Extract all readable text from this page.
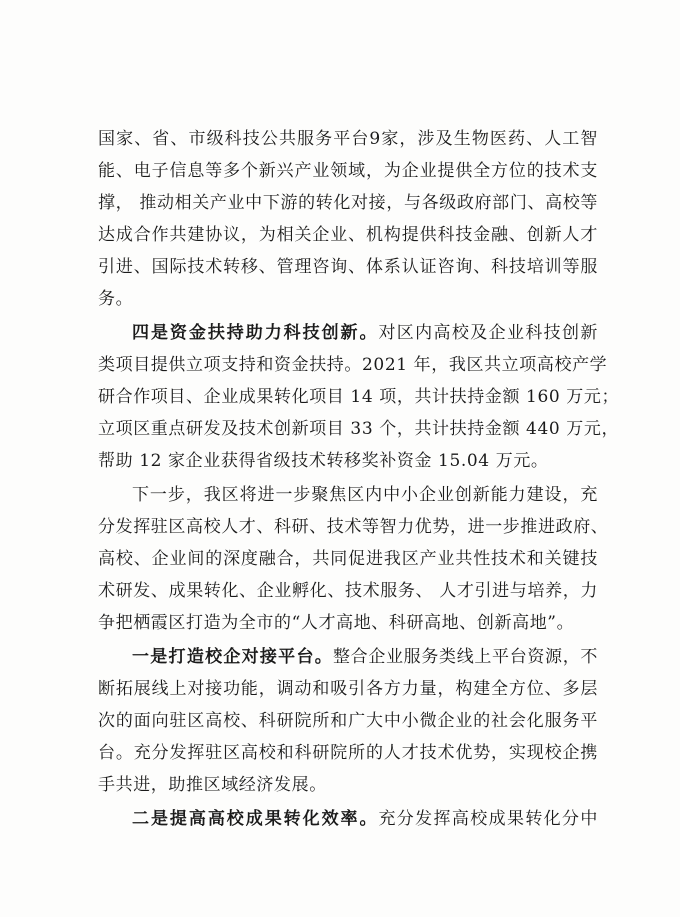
国家、省、市级科技公共服务平台9家，涉及生物医药、人工智
能、电子信息等多个新兴产业领域，为企业提供全方位的技术支
撑， 推动相关产业中下游的转化对接，与各级政府部门、高校等
达成合作共建协议，为相关企业、机构提供科技金融、创新人才
引进、国际技术转移、管理咨询、体系认证咨询、科技培训等服
务。
四是资金扶持助力科技创新。对区内高校及企业科技创新
类项目提供立项支持和资金扶持。2021 年，我区共立项高校产学
研合作项目、企业成果转化项目 14 项，共计扶持金额 160 万元；
立项区重点研发及技术创新项目 33 个，共计扶持金额 440 万元，
帮助 12 家企业获得省级技术转移奖补资金 15.04 万元。
下一步，我区将进一步聚焦区内中小企业创新能力建设，充
分发挥驻区高校人才、科研、技术等智力优势，进一步推进政府、
高校、企业间的深度融合，共同促进我区产业共性技术和关键技
术研发、成果转化、企业孵化、技术服务、 人才引进与培养，力
争把栖霞区打造为全市的“人才高地、科研高地、创新高地”。
一是打造校企对接平台。整合企业服务类线上平台资源，不
断拓展线上对接功能，调动和吸引各方力量，构建全方位、多层
次的面向驻区高校、科研院所和广大中小微企业的社会化服务平
台。充分发挥驻区高校和科研院所的人才技术优势，实现校企携
手共进，助推区域经济发展。
二是提高高校成果转化效率。充分发挥高校成果转化分中
